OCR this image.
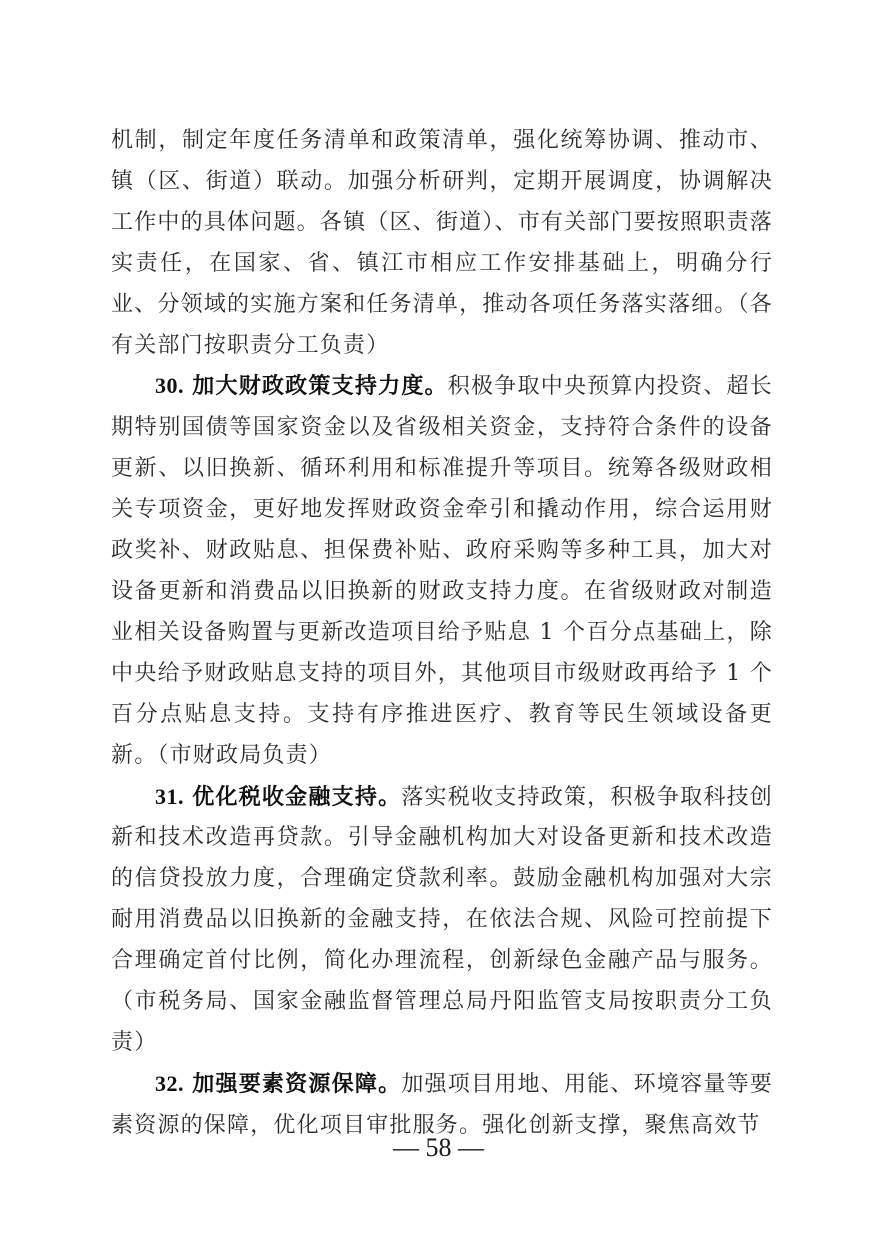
机制，制定年度任务清单和政策清单，强化统筹协调、推动市、镇（区、街道）联动。加强分析研判，定期开展调度，协调解决工作中的具体问题。各镇（区、街道）、市有关部门要按照职责落实责任，在国家、省、镇江市相应工作安排基础上，明确分行业、分领域的实施方案和任务清单，推动各项任务落实落细。（各有关部门按职责分工负责）

30. 加大财政政策支持力度。积极争取中央预算内投资、超长期特别国债等国家资金以及省级相关资金，支持符合条件的设备更新、以旧换新、循环利用和标准提升等项目。统筹各级财政相关专项资金，更好地发挥财政资金牵引和撬动作用，综合运用财政奖补、财政贴息、担保费补贴、政府采购等多种工具，加大对设备更新和消费品以旧换新的财政支持力度。在省级财政对制造业相关设备购置与更新改造项目给予贴息 1 个百分点基础上，除中央给予财政贴息支持的项目外，其他项目市级财政再给予 1 个百分点贴息支持。支持有序推进医疗、教育等民生领域设备更新。（市财政局负责）

31. 优化税收金融支持。落实税收支持政策，积极争取科技创新和技术改造再贷款。引导金融机构加大对设备更新和技术改造的信贷投放力度，合理确定贷款利率。鼓励金融机构加强对大宗耐用消费品以旧换新的金融支持，在依法合规、风险可控前提下合理确定首付比例，简化办理流程，创新绿色金融产品与服务。（市税务局、国家金融监督管理总局丹阳监管支局按职责分工负责）

32. 加强要素资源保障。加强项目用地、用能、环境容量等要素资源的保障，优化项目审批服务。强化创新支撑，聚焦高效节

— 58 —
